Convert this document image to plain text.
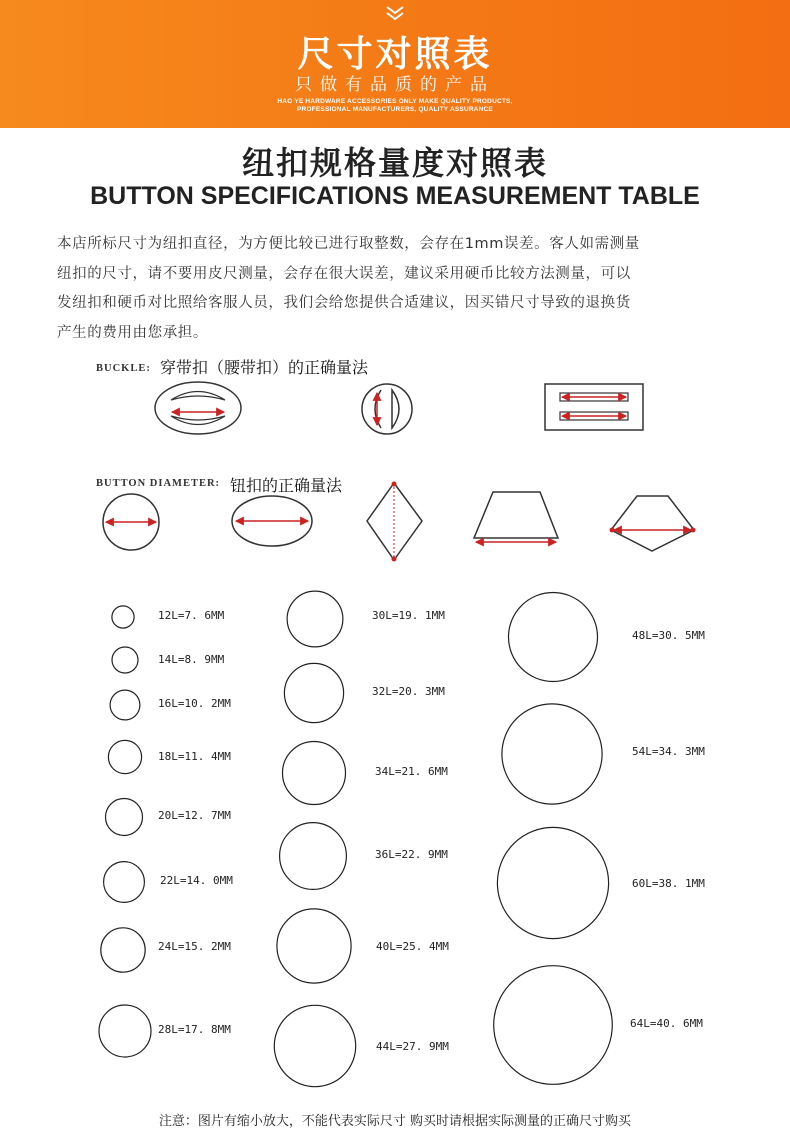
尺寸对照表
只做有品质的产品
HAO YE HARDWARE ACCESSORIES ONLY MAKE QUALITY PRODUCTS,
PROFESSIONAL MANUFACTURERS, QUALITY ASSURANCE
纽扣规格量度对照表
BUTTON SPECIFICATIONS MEASUREMENT TABLE
本店所标尺寸为纽扣直径，为方便比较已进行取整数，会存在1mm误差。客人如需测量
纽扣的尺寸，请不要用皮尺测量，会存在很大误差，建议采用硬币比较方法测量，可以
发纽扣和硬币对比照给客服人员，我们会给您提供合适建议，因买错尺寸导致的退换货
产生的费用由您承担。
BUCKLE: 穿带扣（腰带扣）的正确量法
BUTTON DIAMETER: 钮扣的正确量法
12L=7. 6MM
14L=8. 9MM
16L=10. 2MM
18L=11. 4MM
20L=12. 7MM
22L=14. 0MM
24L=15. 2MM
28L=17. 8MM
30L=19. 1MM
32L=20. 3MM
34L=21. 6MM
36L=22. 9MM
40L=25. 4MM
44L=27. 9MM
48L=30. 5MM
54L=34. 3MM
60L=38. 1MM
64L=40. 6MM
注意：图片有缩小放大，不能代表实际尺寸 购买时请根据实际测量的正确尺寸购买
